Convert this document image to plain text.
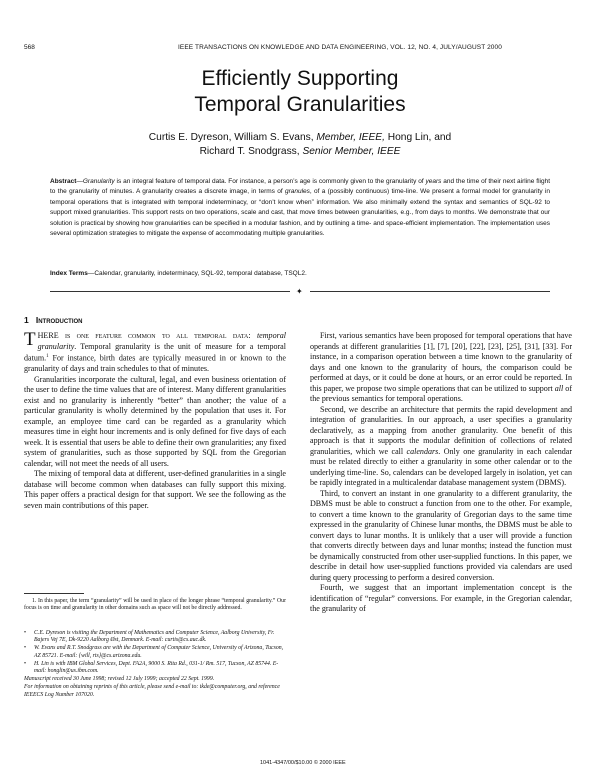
568	IEEE TRANSACTIONS ON KNOWLEDGE AND DATA ENGINEERING, VOL. 12, NO. 4, JULY/AUGUST 2000
Efficiently Supporting
Temporal Granularities
Curtis E. Dyreson, William S. Evans, Member, IEEE, Hong Lin, and
Richard T. Snodgrass, Senior Member, IEEE
Abstract—Granularity is an integral feature of temporal data. For instance, a person’s age is commonly given to the granularity of years and the time of their next airline flight to the granularity of minutes. A granularity creates a discrete image, in terms of granules, of a (possibly continuous) time-line. We present a formal model for granularity in temporal operations that is integrated with temporal indeterminacy, or “don’t know when” information. We also minimally extend the syntax and semantics of SQL-92 to support mixed granularities. This support rests on two operations, scale and cast, that move times between granularities, e.g., from days to months. We demonstrate that our solution is practical by showing how granularities can be specified in a modular fashion, and by outlining a time- and space-efficient implementation. The implementation uses several optimization strategies to mitigate the expense of accommodating multiple granularities.
Index Terms—Calendar, granularity, indeterminacy, SQL-92, temporal database, TSQL2.
✦
1 Introduction

THERE is one feature common to all temporal data: temporal granularity. Temporal granularity is the unit of measure for a temporal datum.$^1$ For instance, birth dates are typically measured in or known to the granularity of days and train schedules to that of minutes.

Granularities incorporate the cultural, legal, and even business orientation of the user to define the time values that are of interest. Many different granularities exist and no granularity is inherently “better” than another; the value of a particular granularity is wholly determined by the population that uses it. For example, an employee time card can be regarded as a granularity which measures time in eight hour increments and is only defined for five days of each week. It is essential that users be able to define their own granularities; any fixed system of granularities, such as those supported by SQL from the Gregorian calendar, will not meet the needs of all users.

The mixing of temporal data at different, user-defined granularities in a single database will become common when databases can fully support this mixing. This paper offers a practical design for that support. We see the following as the seven main contributions of this paper.

1. In this paper, the term “granularity” will be used in place of the longer phrase “temporal granularity.” Our focus is on time and granularity in other domains such as space will not be directly addressed.

•	C.E. Dyreson is visiting the Department of Mathematics and Computer Science, Aalborg University, Fr. Bajers Vej 7E, Dk-9220 Aalborg Øst, Denmark. E-mail: curtis@cs.auc.dk.
•	W. Evans and R.T. Snodgrass are with the Department of Computer Science, University of Arizona, Tucson, AZ 85721. E-mail: {will, rts}@cs.arizona.edu.
•	H. Lin is with IBM Global Services, Dept. FA2A, 9000 S. Rita Rd., 031-1/ Rm. 517, Tucson, AZ 85744. E-mail: honglin@us.ibm.com.
Manuscript received 30 June 1998; revised 12 July 1999; accepted 22 Sept. 1999.
For information on obtaining reprints of this article, please send e-mail to: tkde@computer.org, and reference IEEECS Log Number 107020.

First, various semantics have been proposed for temporal operations that have operands at different granularities [1], [7], [20], [22], [23], [25], [31], [33]. For instance, in a comparison operation between a time known to the granularity of days and one known to the granularity of hours, the comparison could be performed at days, or it could be done at hours, or an error could be reported. In this paper, we propose two simple operations that can be utilized to support all of the previous semantics for temporal operations.

Second, we describe an architecture that permits the rapid development and integration of granularities. In our approach, a user specifies a granularity declaratively, as a mapping from another granularity. One benefit of this approach is that it supports the modular definition of collections of related granularities, which we call calendars. Only one granularity in each calendar must be related directly to either a granularity in some other calendar or to the underlying time-line. So, calendars can be developed largely in isolation, yet can be rapidly integrated in a multicalendar database management system (DBMS).

Third, to convert an instant in one granularity to a different granularity, the DBMS must be able to construct a function from one to the other. For example, to convert a time known to the granularity of Gregorian days to the same time expressed in the granularity of Chinese lunar months, the DBMS must be able to convert days to lunar months. It is unlikely that a user will provide a function that converts directly between days and lunar months; instead the function must be dynamically constructed from other user-supplied functions. In this paper, we describe in detail how user-supplied functions provided via calendars are used during query processing to perform a desired conversion.

Fourth, we suggest that an important implementation concept is the identification of “regular” conversions. For example, in the Gregorian calendar, the granularity of

1041-4347/00/$10.00 © 2000 IEEE
